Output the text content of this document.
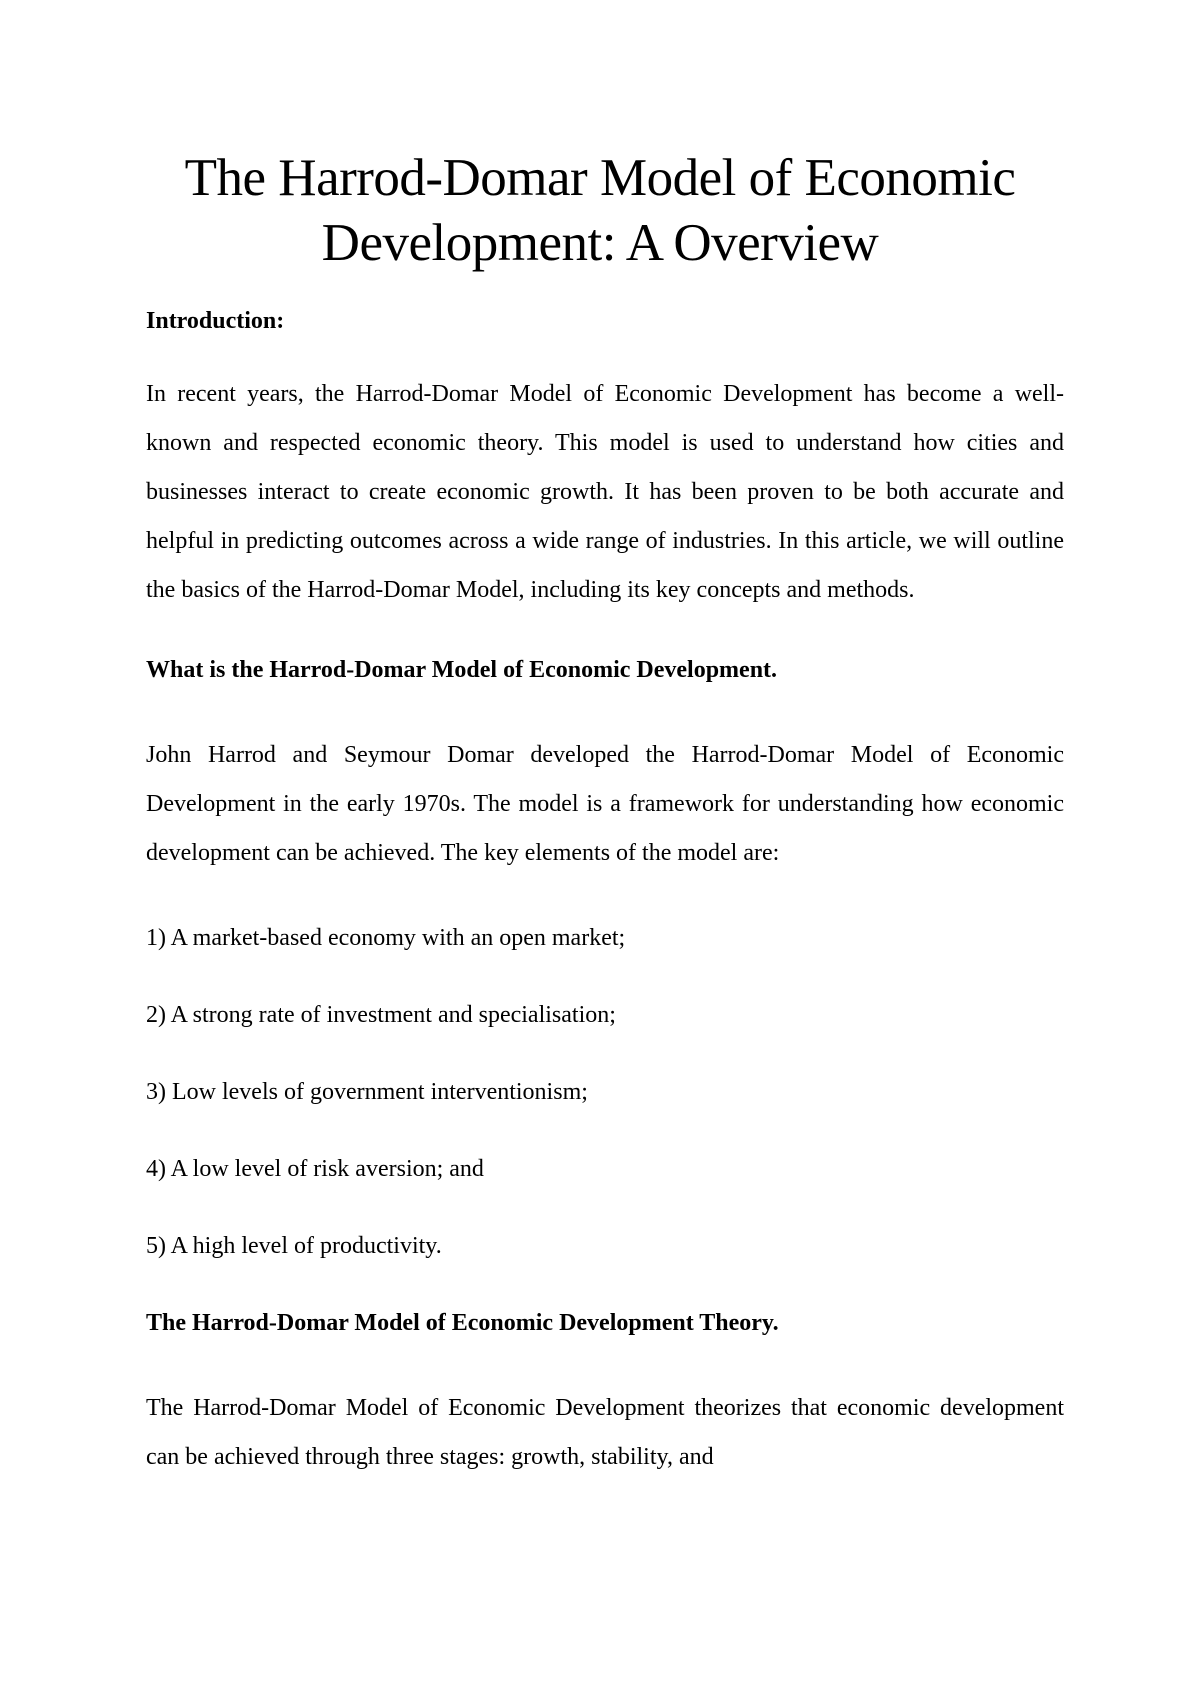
The Harrod-Domar Model of Economic
Development: A Overview

Introduction:

In recent years, the Harrod-Domar Model of Economic Development has become a well-known and respected economic theory. This model is used to understand how cities and businesses interact to create economic growth. It has been proven to be both accurate and helpful in predicting outcomes across a wide range of industries. In this article, we will outline the basics of the Harrod-Domar Model, including its key concepts and methods.

What is the Harrod-Domar Model of Economic Development.

John Harrod and Seymour Domar developed the Harrod-Domar Model of Economic Development in the early 1970s. The model is a framework for understanding how economic development can be achieved. The key elements of the model are:

1) A market-based economy with an open market;

2) A strong rate of investment and specialisation;

3) Low levels of government interventionism;

4) A low level of risk aversion; and

5) A high level of productivity.

The Harrod-Domar Model of Economic Development Theory.

The Harrod-Domar Model of Economic Development theorizes that economic development can be achieved through three stages: growth, stability, and
